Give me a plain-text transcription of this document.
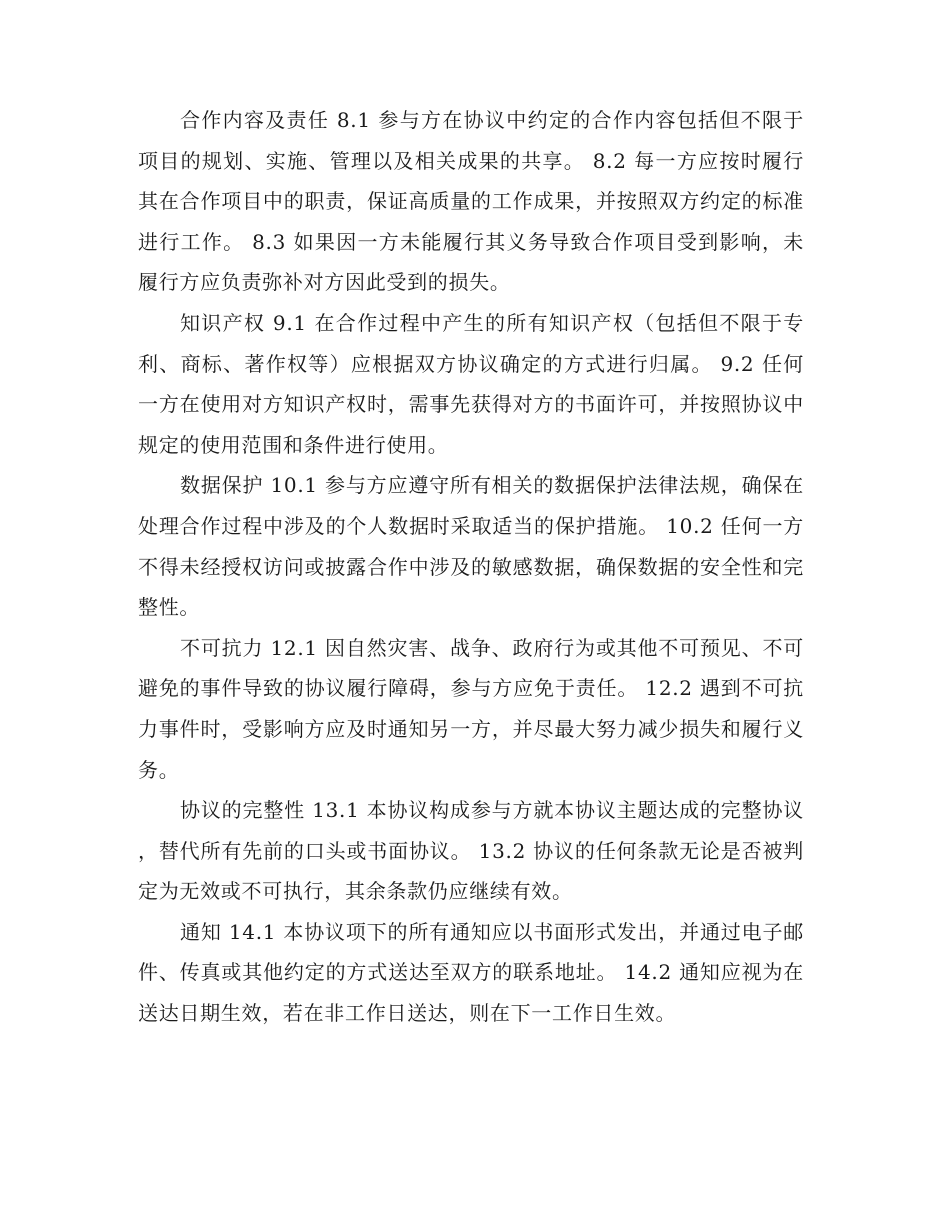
合作内容及责任 8.1 参与方在协议中约定的合作内容包括但不限于项目的规划、实施、管理以及相关成果的共享。 8.2 每一方应按时履行其在合作项目中的职责，保证高质量的工作成果，并按照双方约定的标准进行工作。 8.3 如果因一方未能履行其义务导致合作项目受到影响，未履行方应负责弥补对方因此受到的损失。

知识产权 9.1 在合作过程中产生的所有知识产权（包括但不限于专利、商标、著作权等）应根据双方协议确定的方式进行归属。 9.2 任何一方在使用对方知识产权时，需事先获得对方的书面许可，并按照协议中规定的使用范围和条件进行使用。

数据保护 10.1 参与方应遵守所有相关的数据保护法律法规，确保在处理合作过程中涉及的个人数据时采取适当的保护措施。 10.2 任何一方不得未经授权访问或披露合作中涉及的敏感数据，确保数据的安全性和完整性。

不可抗力 12.1 因自然灾害、战争、政府行为或其他不可预见、不可避免的事件导致的协议履行障碍，参与方应免于责任。 12.2 遇到不可抗力事件时，受影响方应及时通知另一方，并尽最大努力减少损失和履行义务。

协议的完整性 13.1 本协议构成参与方就本协议主题达成的完整协议，替代所有先前的口头或书面协议。 13.2 协议的任何条款无论是否被判定为无效或不可执行，其余条款仍应继续有效。

通知 14.1 本协议项下的所有通知应以书面形式发出，并通过电子邮件、传真或其他约定的方式送达至双方的联系地址。 14.2 通知应视为在送达日期生效，若在非工作日送达，则在下一工作日生效。
